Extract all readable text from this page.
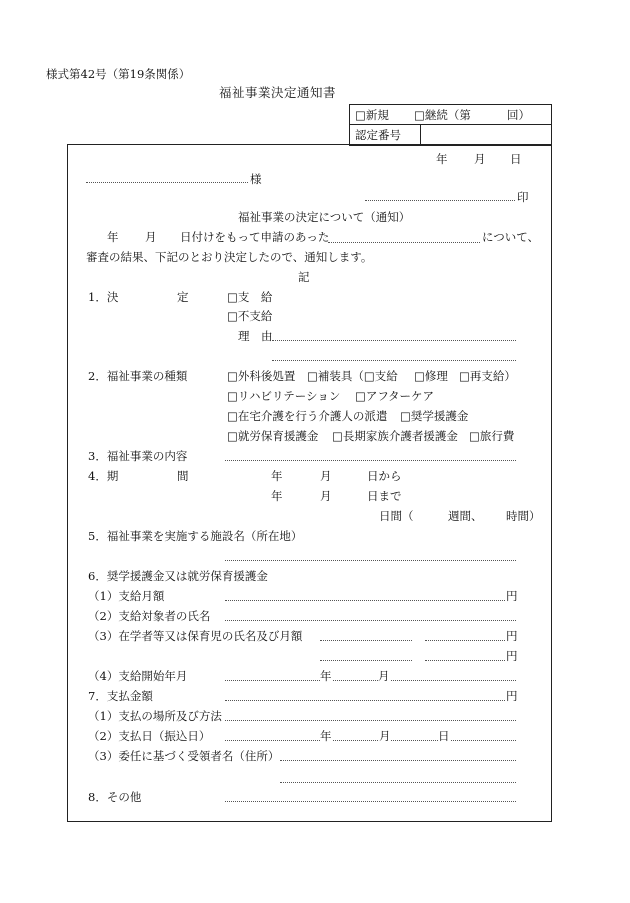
様式第42号（第19条関係）
福祉事業決定通知書
□新規 □継続（第	回）
認定番号
年 月 日
様
印
福祉事業の決定について（通知）
年 月 日付けをもって申請のあった	について、
審査の結果、下記のとおり決定したので、通知します。
記
1．決	定	□支　給
□不支給
理　由
2．福祉事業の種類	□外科後処置 □補装具（□支給 □修理 □再支給）
□リハビリテーション □アフターケア
□在宅介護を行う介護人の派遣 □奨学援護金
□就労保育援護金 □長期家族介護者援護金 □旅行費
3．福祉事業の内容
4．期	間	年	月	日から
年	月	日まで
日間（	週間、 時間）
5．福祉事業を実施する施設名（所在地）
6．奨学援護金又は就労保育援護金
（1）支給月額	円
（2）支給対象者の氏名
（3）在学者等又は保育児の氏名及び月額	円
円
（4）支給開始年月	年	月
7．支払金額	円
（1）支払の場所及び方法
（2）支払日（振込日）	年	月	日
（3）委任に基づく受領者名（住所）
8．その他
